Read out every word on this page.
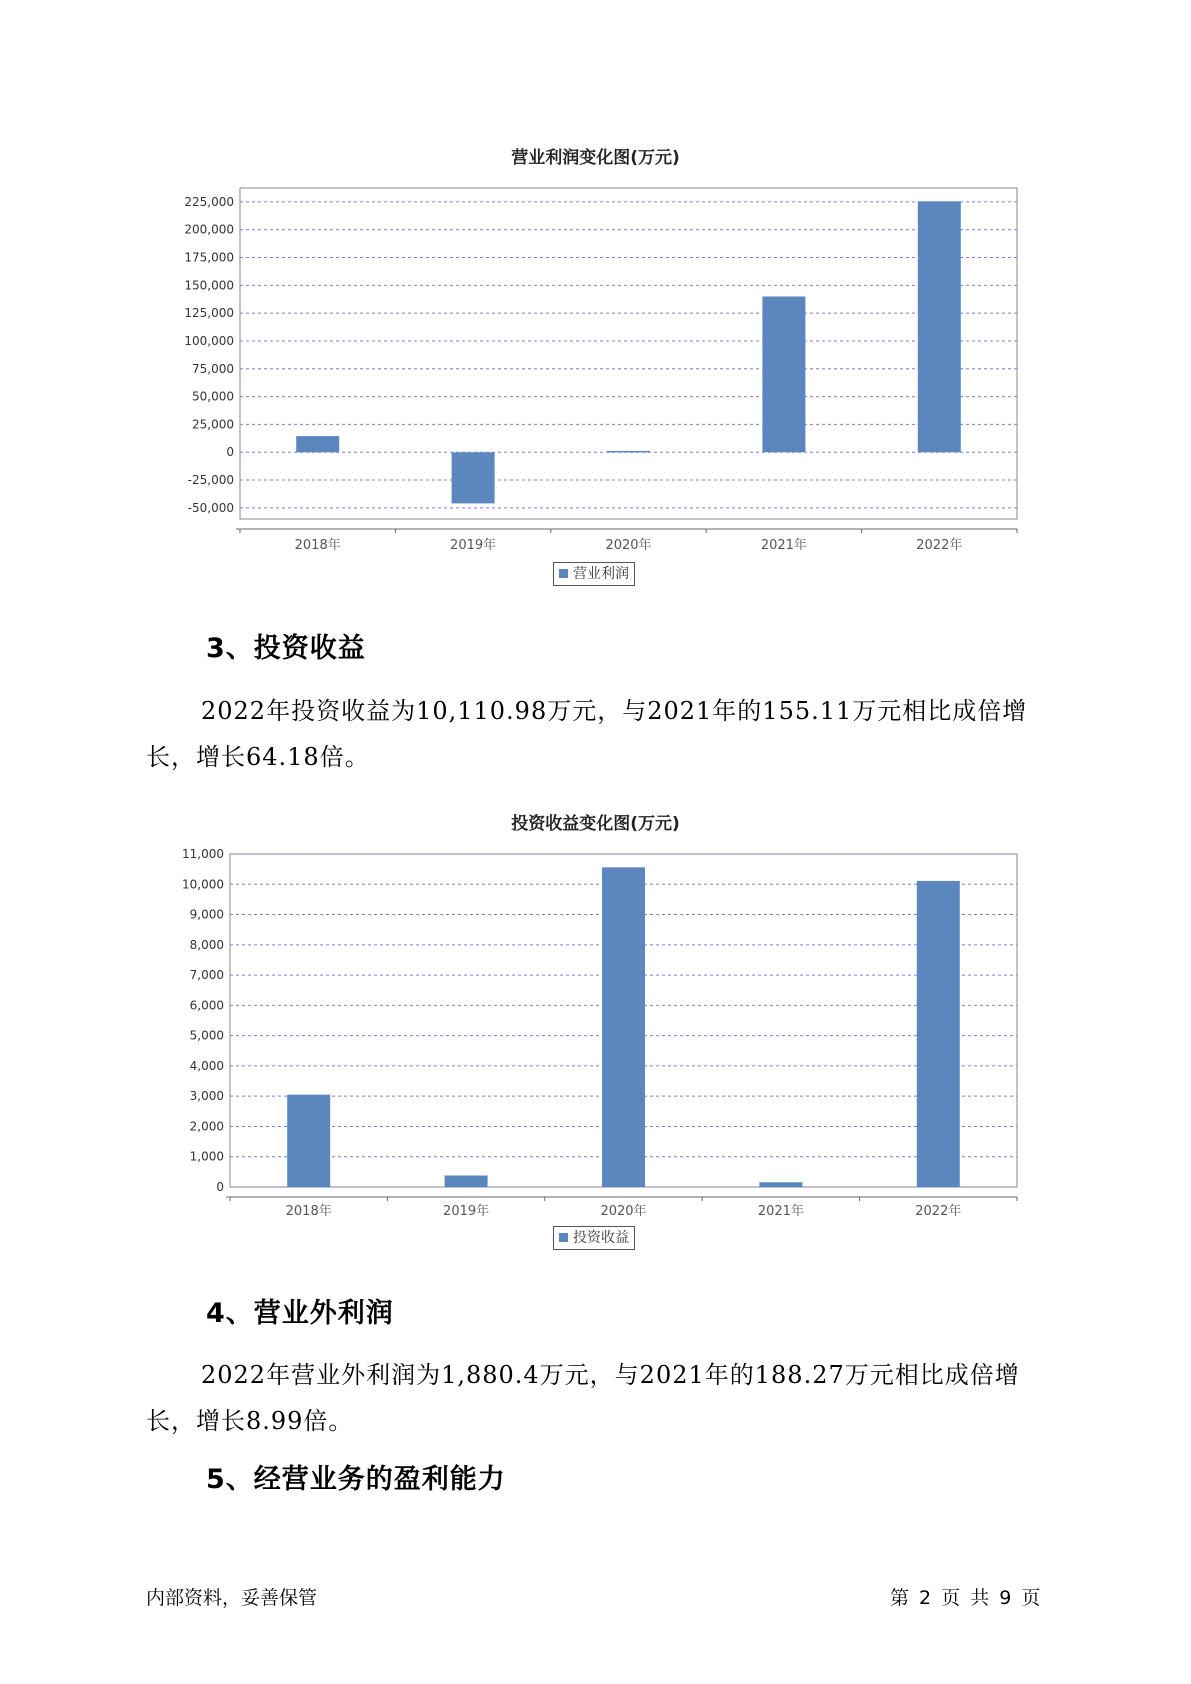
营业利润变化图(万元)
225,000
200,000
175,000
150,000
125,000
100,000
75,000
50,000
25,000
0
-25,000
-50,000
2018年	2019年	2020年	2021年	2022年
营业利润
3、投资收益
2022年投资收益为10,110.98万元，与2021年的155.11万元相比成倍增长，增长64.18倍。
投资收益变化图(万元)
11,000
10,000
9,000
8,000
7,000
6,000
5,000
4,000
3,000
2,000
1,000
0
2018年	2019年	2020年	2021年	2022年
投资收益
4、营业外利润
2022年营业外利润为1,880.4万元，与2021年的188.27万元相比成倍增长，增长8.99倍。
5、经营业务的盈利能力
内部资料，妥善保管	第 2 页 共 9 页
